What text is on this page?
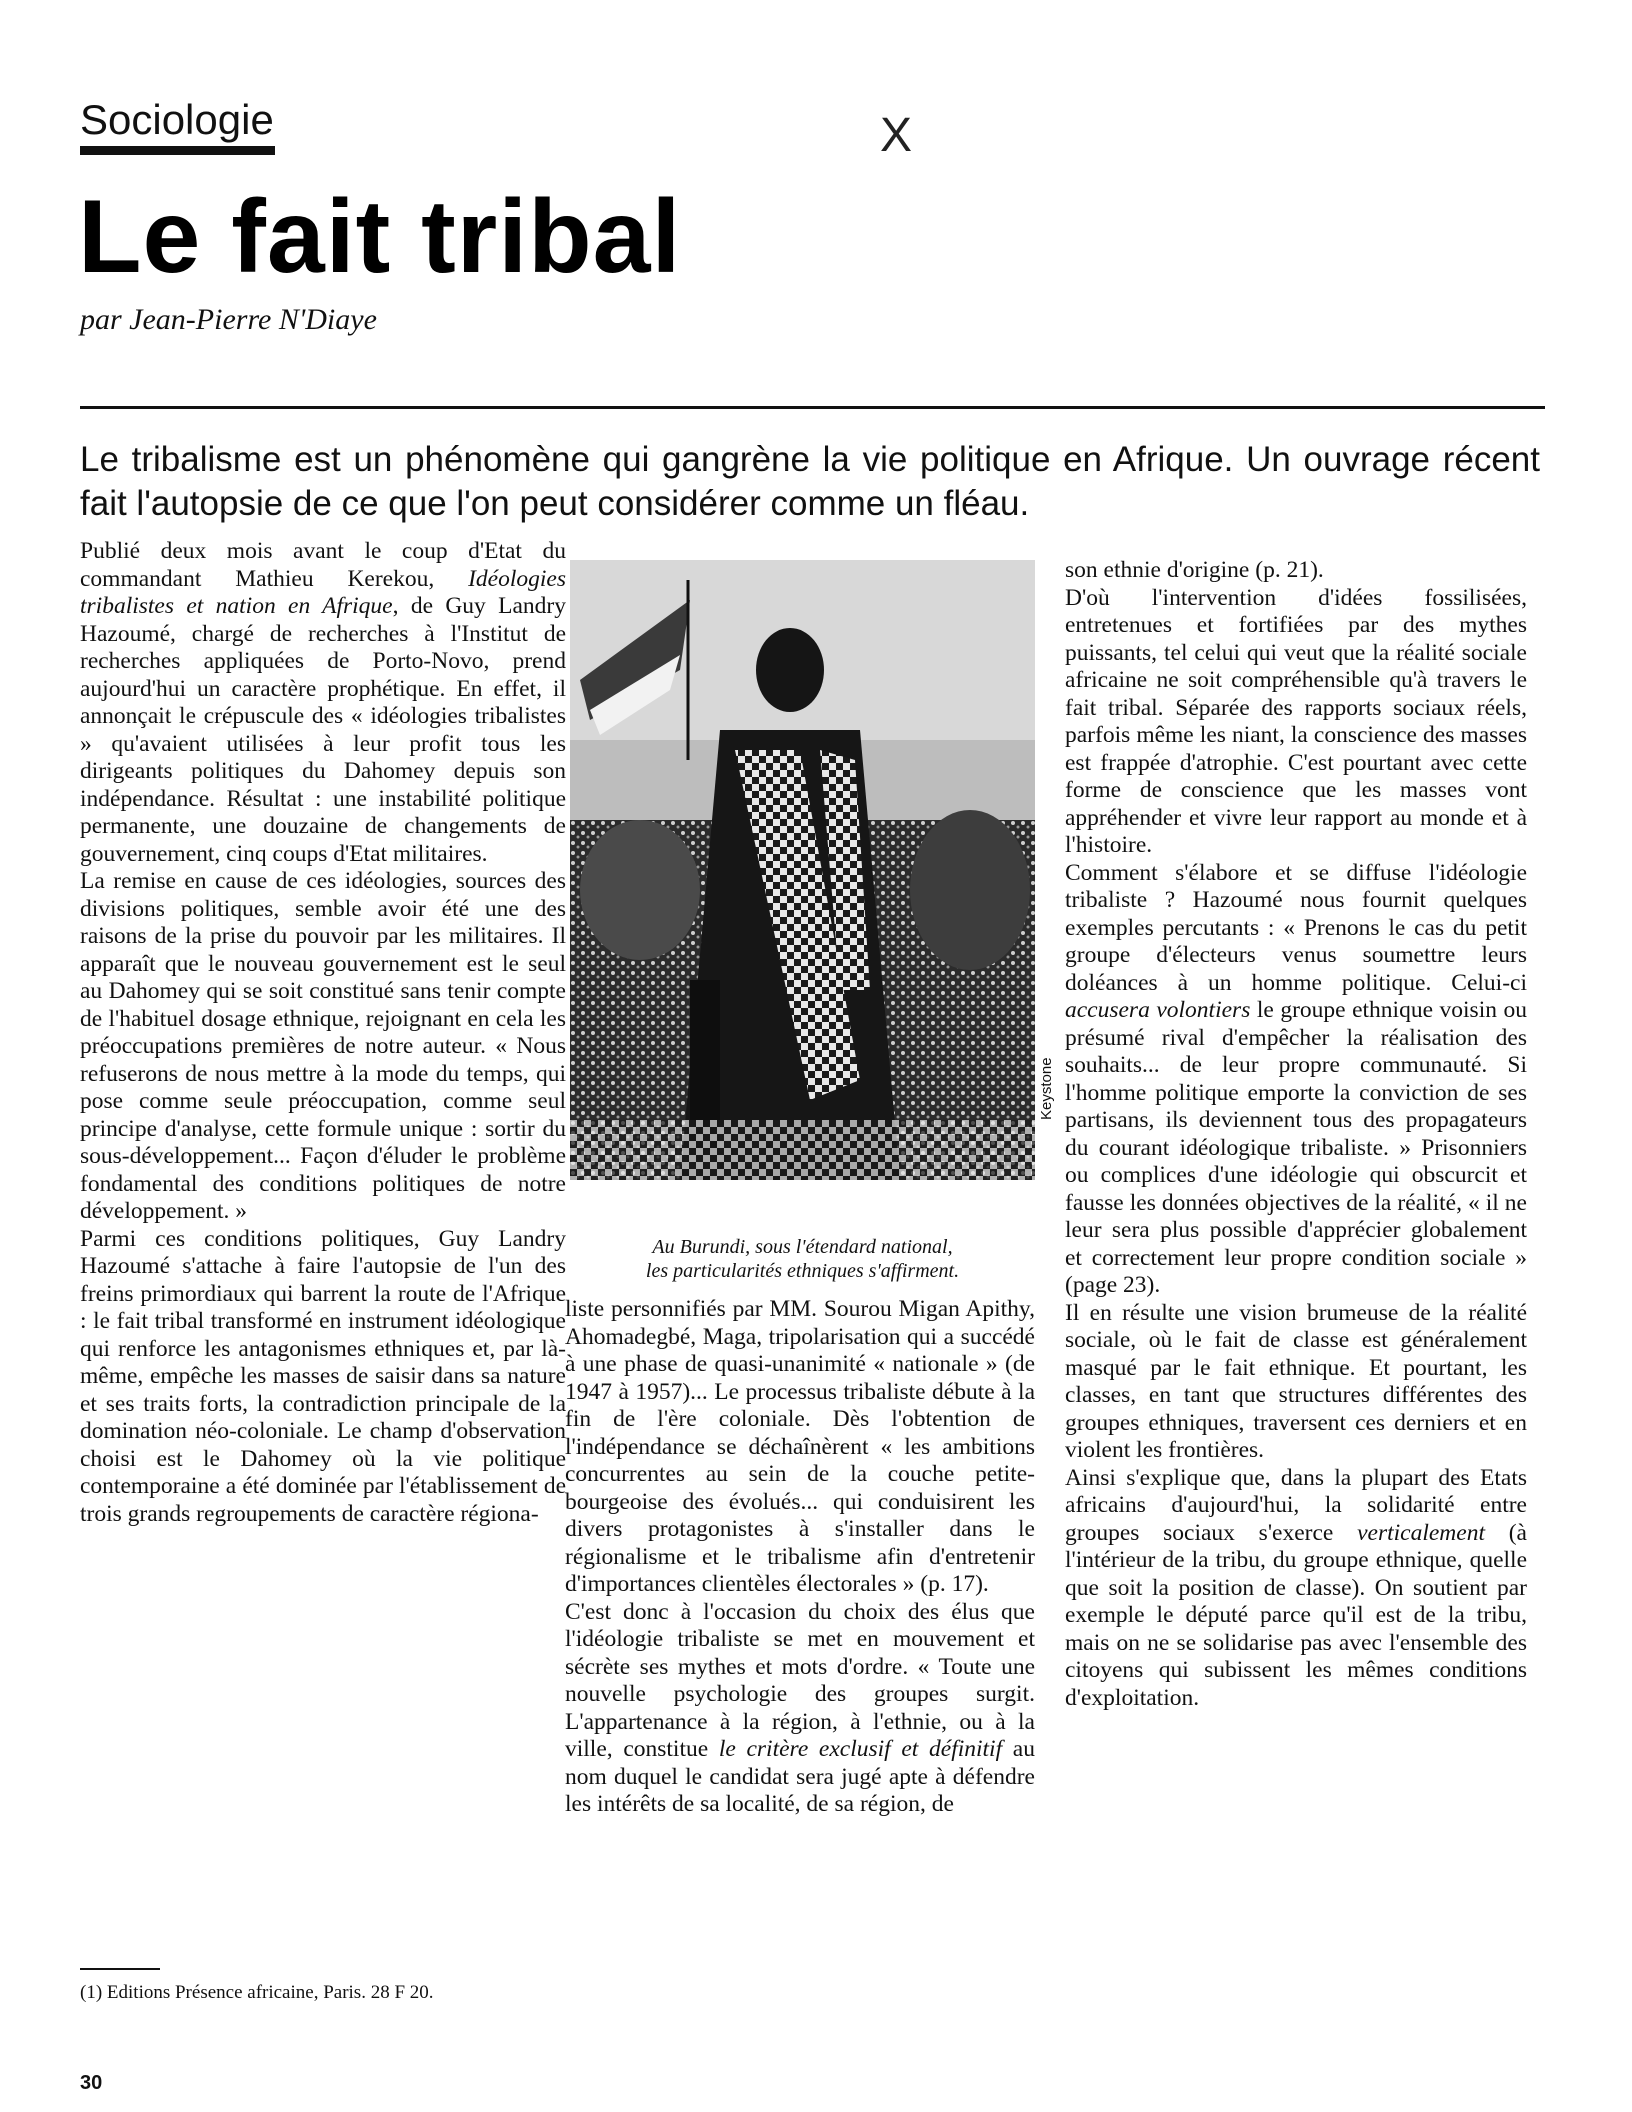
X
Sociologie
Le fait tribal
par Jean-Pierre N'Diaye
Le tribalisme est un phénomène qui gangrène la vie politique en Afrique. Un ouvrage récent fait l'autopsie de ce que l'on peut considérer comme un fléau.

Publié deux mois avant le coup d'Etat du commandant Mathieu Kerekou, Idéologies tribalistes et nation en Afrique, de Guy Landry Hazoumé, chargé de recherches à l'Institut de recherches appliquées de Porto-Novo, prend aujourd'hui un caractère prophétique. En effet, il annonçait le crépuscule des « idéologies tribalistes » qu'avaient utilisées à leur profit tous les dirigeants politiques du Dahomey depuis son indépendance. Résultat : une instabilité politique permanente, une douzaine de changements de gouvernement, cinq coups d'Etat militaires.

La remise en cause de ces idéologies, sources des divisions politiques, semble avoir été une des raisons de la prise du pouvoir par les militaires. Il apparaît que le nouveau gouvernement est le seul au Dahomey qui se soit constitué sans tenir compte de l'habituel dosage ethnique, rejoignant en cela les préoccupations premières de notre auteur. « Nous refuserons de nous mettre à la mode du temps, qui pose comme seule préoccupation, comme seul principe d'analyse, cette formule unique : sortir du sous-développement... Façon d'éluder le problème fondamental des conditions politiques de notre développement. »

Parmi ces conditions politiques, Guy Landry Hazoumé s'attache à faire l'autopsie de l'un des freins primordiaux qui barrent la route de l'Afrique : le fait tribal transformé en instrument idéologique qui renforce les antagonismes ethniques et, par là-même, empêche les masses de saisir dans sa nature et ses traits forts, la contradiction principale de la domination néo-coloniale. Le champ d'observation choisi est le Dahomey où la vie politique contemporaine a été dominée par l'établissement de trois grands regroupements de caractère régiona-

Keystone
Au Burundi, sous l'étendard national,
les particularités ethniques s'affirment.

liste personnifiés par MM. Sourou Migan Apithy, Ahomadegbé, Maga, tripolarisation qui a succédé à une phase de quasi-unanimité « nationale » (de 1947 à 1957)... Le processus tribaliste débute à la fin de l'ère coloniale. Dès l'obtention de l'indépendance se déchaînèrent « les ambitions concurrentes au sein de la couche petite-bourgeoise des évolués... qui conduisirent les divers protagonistes à s'installer dans le régionalisme et le tribalisme afin d'entretenir d'importances clientèles électorales » (p. 17).

C'est donc à l'occasion du choix des élus que l'idéologie tribaliste se met en mouvement et sécrète ses mythes et mots d'ordre. « Toute une nouvelle psychologie des groupes surgit. L'appartenance à la région, à l'ethnie, ou à la ville, constitue le critère exclusif et définitif au nom duquel le candidat sera jugé apte à défendre les intérêts de sa localité, de sa région, de

son ethnie d'origine (p. 21).

D'où l'intervention d'idées fossilisées, entretenues et fortifiées par des mythes puissants, tel celui qui veut que la réalité sociale africaine ne soit compréhensible qu'à travers le fait tribal. Séparée des rapports sociaux réels, parfois même les niant, la conscience des masses est frappée d'atrophie. C'est pourtant avec cette forme de conscience que les masses vont appréhender et vivre leur rapport au monde et à l'histoire.

Comment s'élabore et se diffuse l'idéologie tribaliste ? Hazoumé nous fournit quelques exemples percutants : « Prenons le cas du petit groupe d'électeurs venus soumettre leurs doléances à un homme politique. Celui-ci accusera volontiers le groupe ethnique voisin ou présumé rival d'empêcher la réalisation des souhaits... de leur propre communauté. Si l'homme politique emporte la conviction de ses partisans, ils deviennent tous des propagateurs du courant idéologique tribaliste. » Prisonniers ou complices d'une idéologie qui obscurcit et fausse les données objectives de la réalité, « il ne leur sera plus possible d'apprécier globalement et correctement leur propre condition sociale » (page 23).

Il en résulte une vision brumeuse de la réalité sociale, où le fait de classe est généralement masqué par le fait ethnique. Et pourtant, les classes, en tant que structures différentes des groupes ethniques, traversent ces derniers et en violent les frontières.

Ainsi s'explique que, dans la plupart des Etats africains d'aujourd'hui, la solidarité entre groupes sociaux s'exerce verticalement (à l'intérieur de la tribu, du groupe ethnique, quelle que soit la position de classe). On soutient par exemple le député parce qu'il est de la tribu, mais on ne se solidarise pas avec l'ensemble des citoyens qui subissent les mêmes conditions d'exploitation.

(1) Editions Présence africaine, Paris. 28 F 20.
30
